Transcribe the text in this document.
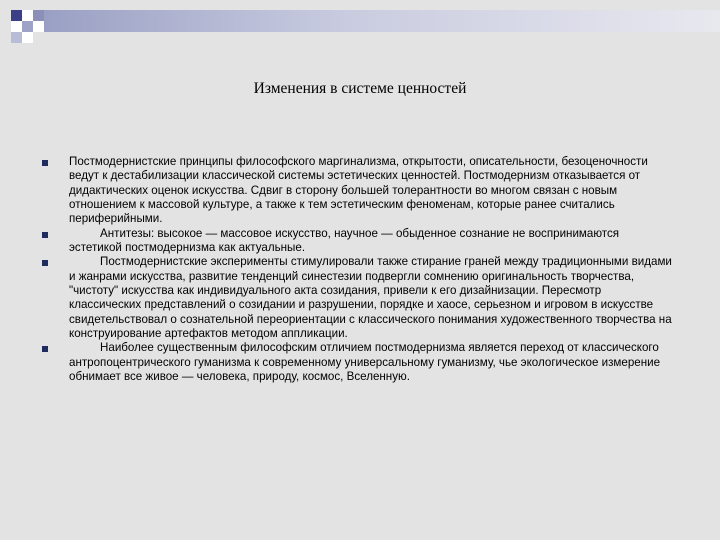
Изменения в системе ценностей
Постмодернистские принципы философского маргинализма, открытости, описательности, безоценочности ведут к дестабилизации классической системы эстетических ценностей. Постмодернизм отказывается от дидактических оценок искусства. Сдвиг в сторону большей толерантности во многом связан с новым отношением к массовой культуре, а также к тем эстетическим феноменам, которые ранее считались периферийными.
Антитезы: высокое — массовое искусство, научное — обыденное сознание не воспринимаются эстетикой постмодернизма как актуальные.
Постмодернистские эксперименты стимулировали также стирание граней между традиционными видами и жанрами искусства, развитие тенденций синестезии подвергли сомнению оригинальность творчества, "чистоту" искусства как индивидуального акта созидания, привели к его дизайнизации. Пересмотр классических представлений о созидании и разрушении, порядке и хаосе, серьезном и игровом в искусстве свидетельствовал о сознательной переориентации с классического понимания художественного творчества на конструирование артефактов методом аппликации.
Наиболее существенным философским отличием постмодернизма является переход от классического антропоцентрического гуманизма к современному универсальному гуманизму, чье экологическое измерение обнимает все живое — человека, природу, космос, Вселенную.
